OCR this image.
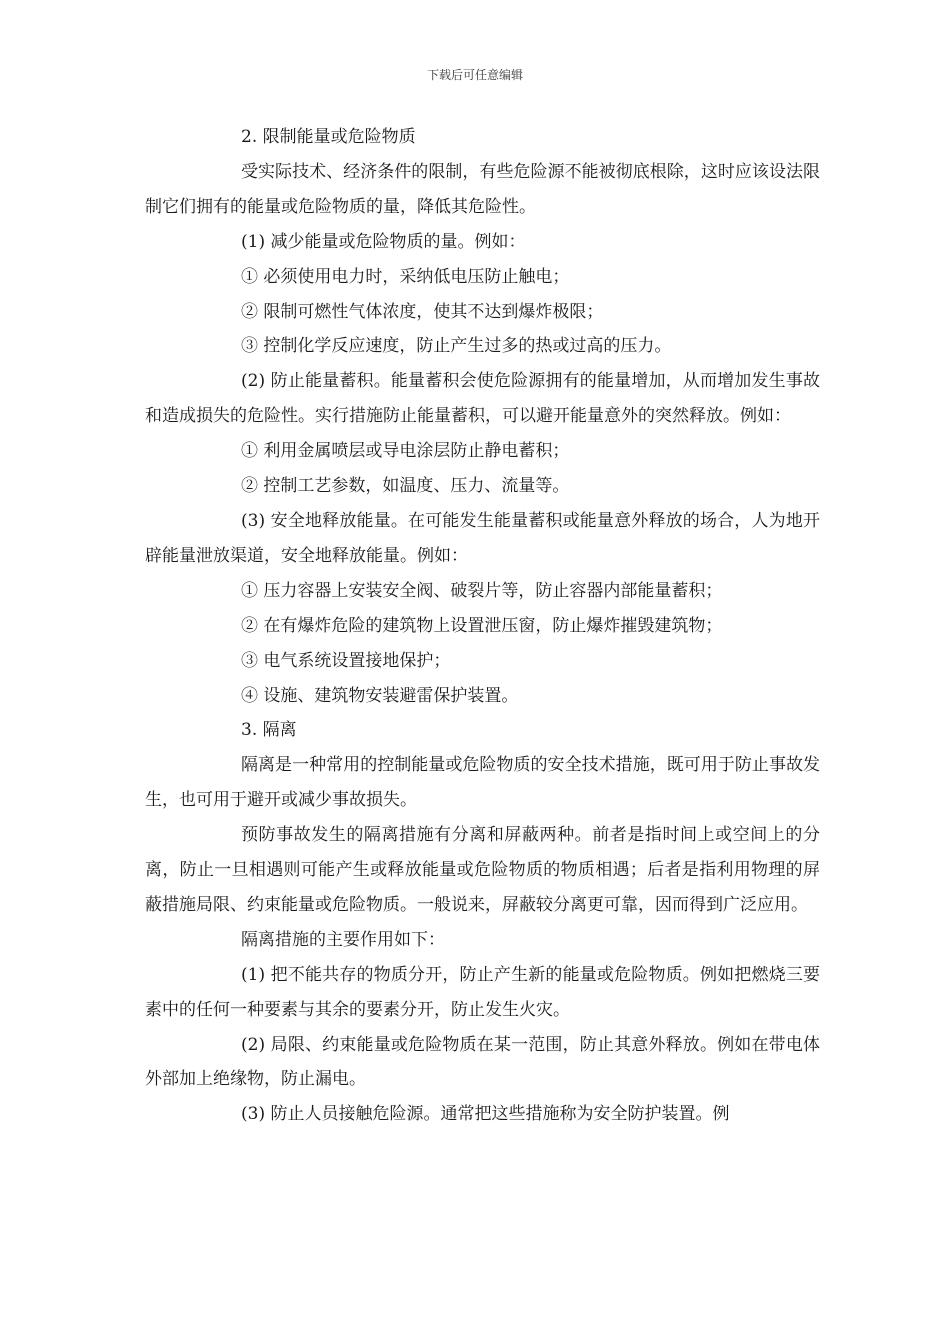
下载后可任意编辑

2. 限制能量或危险物质

受实际技术、经济条件的限制，有些危险源不能被彻底根除，这时应该设法限制它们拥有的能量或危险物质的量，降低其危险性。

(1) 减少能量或危险物质的量。例如：

① 必须使用电力时，采纳低电压防止触电；

② 限制可燃性气体浓度，使其不达到爆炸极限；

③ 控制化学反应速度，防止产生过多的热或过高的压力。

(2) 防止能量蓄积。能量蓄积会使危险源拥有的能量增加，从而增加发生事故和造成损失的危险性。实行措施防止能量蓄积，可以避开能量意外的突然释放。例如：

① 利用金属喷层或导电涂层防止静电蓄积；

② 控制工艺参数，如温度、压力、流量等。

(3) 安全地释放能量。在可能发生能量蓄积或能量意外释放的场合，人为地开辟能量泄放渠道，安全地释放能量。例如：

① 压力容器上安装安全阀、破裂片等，防止容器内部能量蓄积；

② 在有爆炸危险的建筑物上设置泄压窗，防止爆炸摧毁建筑物；

③ 电气系统设置接地保护；

④ 设施、建筑物安装避雷保护装置。

3. 隔离

隔离是一种常用的控制能量或危险物质的安全技术措施，既可用于防止事故发生，也可用于避开或减少事故损失。

预防事故发生的隔离措施有分离和屏蔽两种。前者是指时间上或空间上的分离，防止一旦相遇则可能产生或释放能量或危险物质的物质相遇；后者是指利用物理的屏蔽措施局限、约束能量或危险物质。一般说来，屏蔽较分离更可靠，因而得到广泛应用。

隔离措施的主要作用如下：

(1) 把不能共存的物质分开，防止产生新的能量或危险物质。例如把燃烧三要素中的任何一种要素与其余的要素分开，防止发生火灾。

(2) 局限、约束能量或危险物质在某一范围，防止其意外释放。例如在带电体外部加上绝缘物，防止漏电。

(3) 防止人员接触危险源。通常把这些措施称为安全防护装置。例
